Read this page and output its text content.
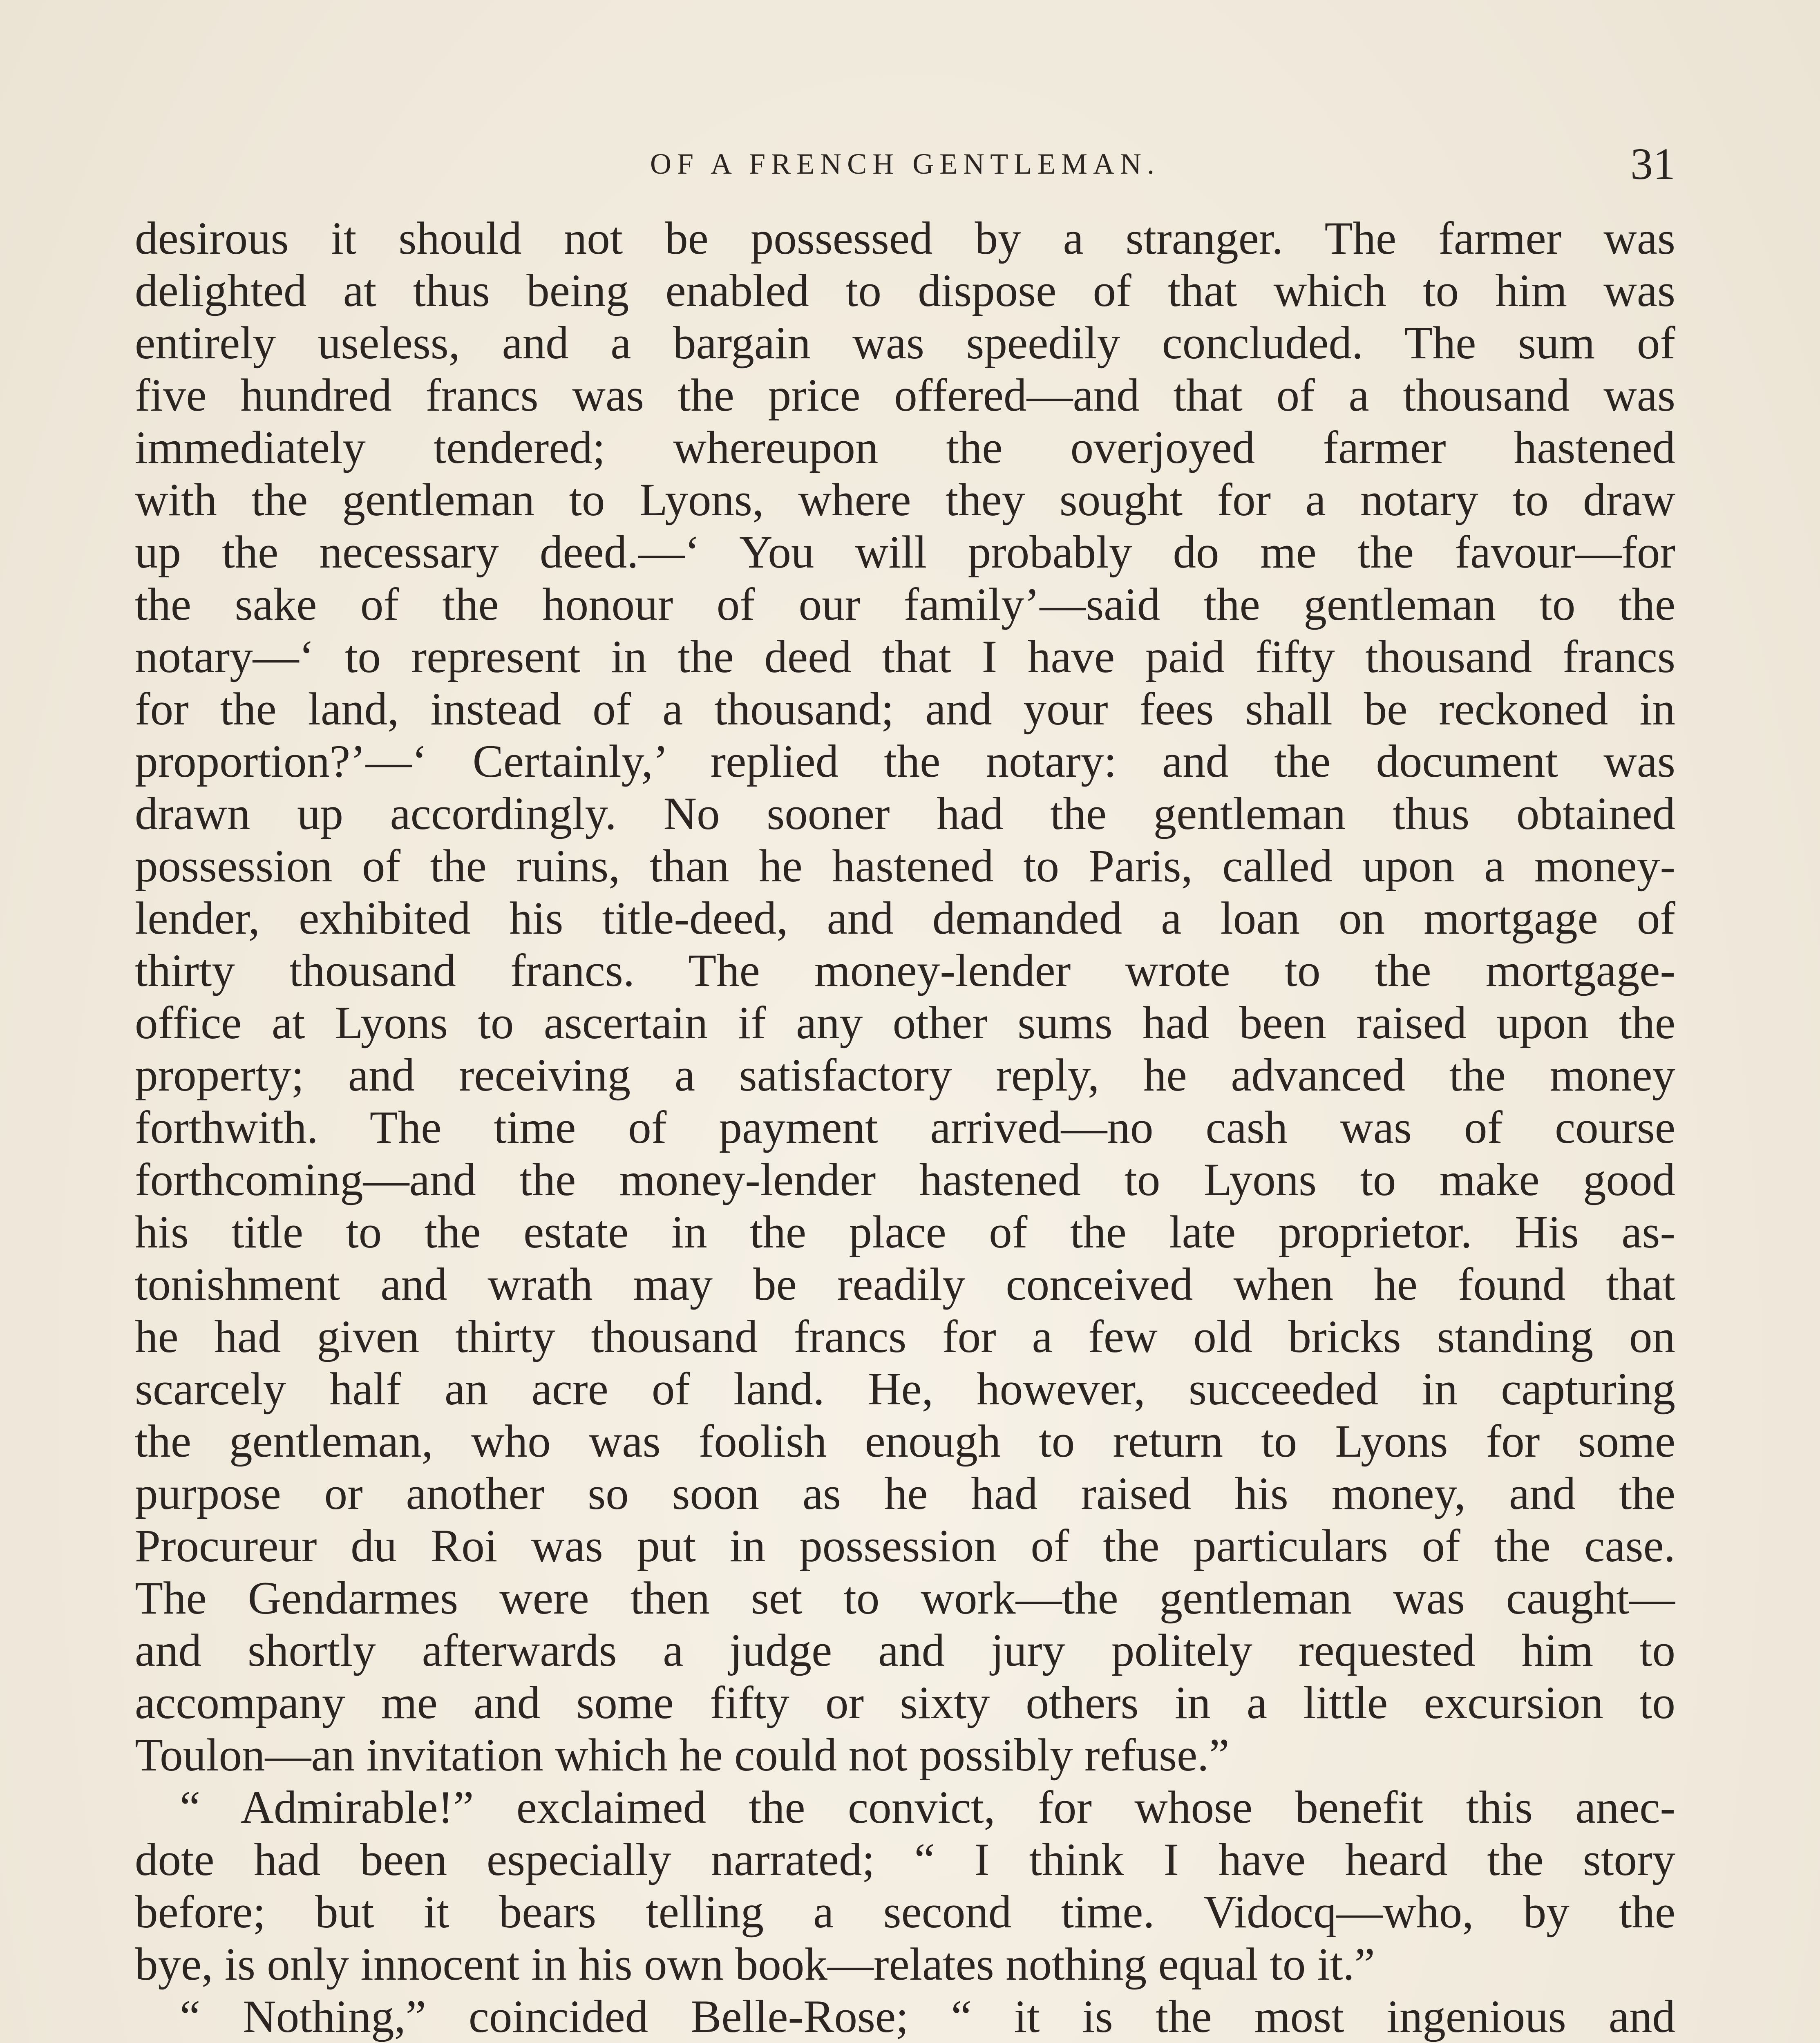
OF A FRENCH GENTLEMAN.	31
desirous it should not be possessed by a stranger. The farmer was
delighted at thus being enabled to dispose of that which to him was
entirely useless, and a bargain was speedily concluded. The sum of
five hundred francs was the price offered—and that of a thousand was
immediately tendered; whereupon the overjoyed farmer hastened
with the gentleman to Lyons, where they sought for a notary to draw
up the necessary deed.—‘ You will probably do me the favour—for
the sake of the honour of our family’—said the gentleman to the
notary—‘ to represent in the deed that I have paid fifty thousand francs
for the land, instead of a thousand; and your fees shall be reckoned in
proportion?’—‘ Certainly,’ replied the notary: and the document was
drawn up accordingly. No sooner had the gentleman thus obtained
possession of the ruins, than he hastened to Paris, called upon a money-
lender, exhibited his title-deed, and demanded a loan on mortgage of
thirty thousand francs. The money-lender wrote to the mortgage-
office at Lyons to ascertain if any other sums had been raised upon the
property; and receiving a satisfactory reply, he advanced the money
forthwith. The time of payment arrived—no cash was of course
forthcoming—and the money-lender hastened to Lyons to make good
his title to the estate in the place of the late proprietor. His as-
tonishment and wrath may be readily conceived when he found that
he had given thirty thousand francs for a few old bricks standing on
scarcely half an acre of land. He, however, succeeded in capturing
the gentleman, who was foolish enough to return to Lyons for some
purpose or another so soon as he had raised his money, and the
Procureur du Roi was put in possession of the particulars of the case.
The Gendarmes were then set to work—the gentleman was caught—
and shortly afterwards a judge and jury politely requested him to
accompany me and some fifty or sixty others in a little excursion to
Toulon—an invitation which he could not possibly refuse.”
“ Admirable!” exclaimed the convict, for whose benefit this anec-
dote had been especially narrated; “ I think I have heard the story
before; but it bears telling a second time. Vidocq—who, by the
bye, is only innocent in his own book—relates nothing equal to it.”
“ Nothing,” coincided Belle-Rose; “ it is the most ingenious and
